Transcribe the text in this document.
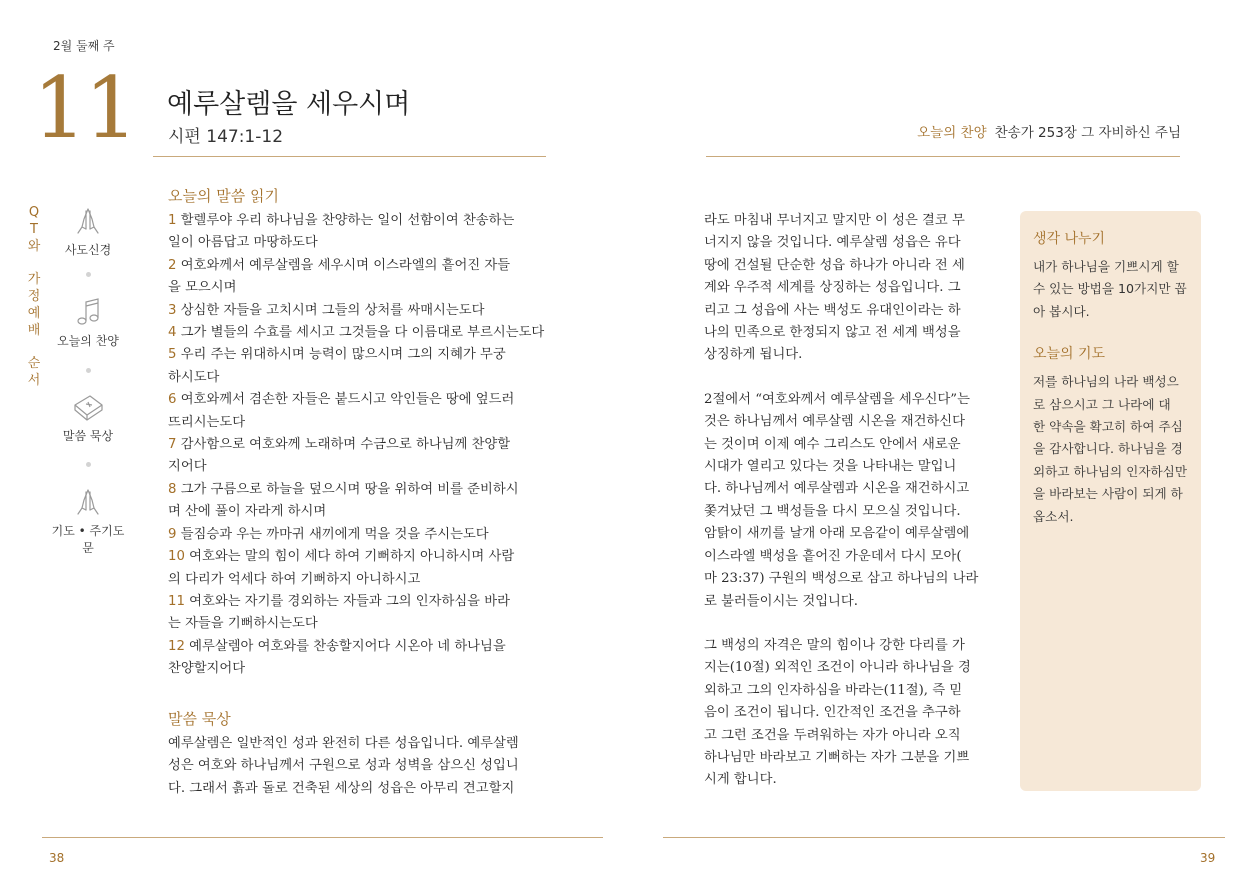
2월 둘째 주
11 예루살렘을 세우시며
시편 147:1-12	오늘의 찬양 찬송가 253장 그 자비하신 주님
Q
T
와
가
정
예
배
순
서
사도신경
오늘의 찬양
말씀 묵상
기도 • 주기도문
오늘의 말씀 읽기
1 할렐루야 우리 하나님을 찬양하는 일이 선함이여 찬송하는
일이 아름답고 마땅하도다
2 여호와께서 예루살렘을 세우시며 이스라엘의 흩어진 자들
을 모으시며
3 상심한 자들을 고치시며 그들의 상처를 싸매시는도다
4 그가 별들의 수효를 세시고 그것들을 다 이름대로 부르시는도다
5 우리 주는 위대하시며 능력이 많으시며 그의 지혜가 무궁
하시도다
6 여호와께서 겸손한 자들은 붙드시고 악인들은 땅에 엎드러
뜨리시는도다
7 감사함으로 여호와께 노래하며 수금으로 하나님께 찬양할
지어다
8 그가 구름으로 하늘을 덮으시며 땅을 위하여 비를 준비하시
며 산에 풀이 자라게 하시며
9 들짐승과 우는 까마귀 새끼에게 먹을 것을 주시는도다
10 여호와는 말의 힘이 세다 하여 기뻐하지 아니하시며 사람
의 다리가 억세다 하여 기뻐하지 아니하시고
11 여호와는 자기를 경외하는 자들과 그의 인자하심을 바라
는 자들을 기뻐하시는도다
12 예루살렘아 여호와를 찬송할지어다 시온아 네 하나님을
찬양할지어다
말씀 묵상
예루살렘은 일반적인 성과 완전히 다른 성읍입니다. 예루살렘
성은 여호와 하나님께서 구원으로 성과 성벽을 삼으신 성입니
다. 그래서 흙과 돌로 건축된 세상의 성읍은 아무리 견고할지

라도 마침내 무너지고 말지만 이 성은 결코 무
너지지 않을 것입니다. 예루살렘 성읍은 유다
땅에 건설될 단순한 성읍 하나가 아니라 전 세
계와 우주적 세계를 상징하는 성읍입니다. 그
리고 그 성읍에 사는 백성도 유대인이라는 하
나의 민족으로 한정되지 않고 전 세계 백성을
상징하게 됩니다.

2절에서 “여호와께서 예루살렘을 세우신다”는
것은 하나님께서 예루살렘 시온을 재건하신다
는 것이며 이제 예수 그리스도 안에서 새로운
시대가 열리고 있다는 것을 나타내는 말입니
다. 하나님께서 예루살렘과 시온을 재건하시고
쫓겨났던 그 백성들을 다시 모으실 것입니다.
암탉이 새끼를 날개 아래 모음같이 예루살렘에
이스라엘 백성을 흩어진 가운데서 다시 모아(
마 23:37) 구원의 백성으로 삼고 하나님의 나라
로 불러들이시는 것입니다.

그 백성의 자격은 말의 힘이나 강한 다리를 가
지는(10절) 외적인 조건이 아니라 하나님을 경
외하고 그의 인자하심을 바라는(11절), 즉 믿
음이 조건이 됩니다. 인간적인 조건을 추구하
고 그런 조건을 두려워하는 자가 아니라 오직
하나님만 바라보고 기뻐하는 자가 그분을 기쁘
시게 합니다.

생각 나누기
내가 하나님을 기쁘시게 할
수 있는 방법을 10가지만 꼽
아 봅시다.
오늘의 기도
저를 하나님의 나라 백성으
로 삼으시고 그 나라에 대
한 약속을 확고히 하여 주심
을 감사합니다. 하나님을 경
외하고 하나님의 인자하심만
을 바라보는 사람이 되게 하
옵소서.
38	39
